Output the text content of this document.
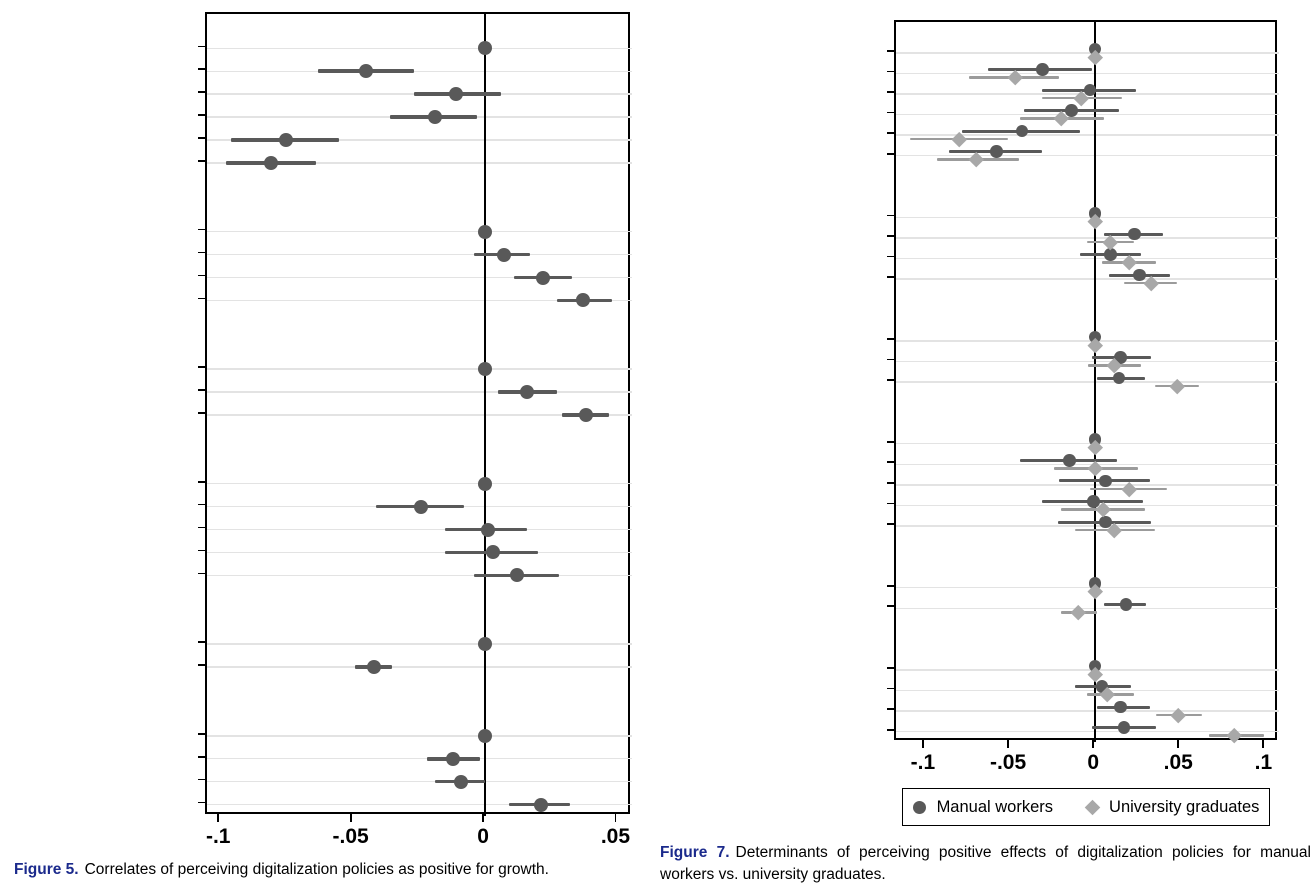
-.1	-.05	0	.05
-.1	-.05	0	.05	.1
Manual workers	University graduates

Figure 5. Correlates of perceiving digitalization policies as positive for growth.

Figure 7. Determinants of perceiving positive effects of digitalization policies for manual workers vs. university graduates.
